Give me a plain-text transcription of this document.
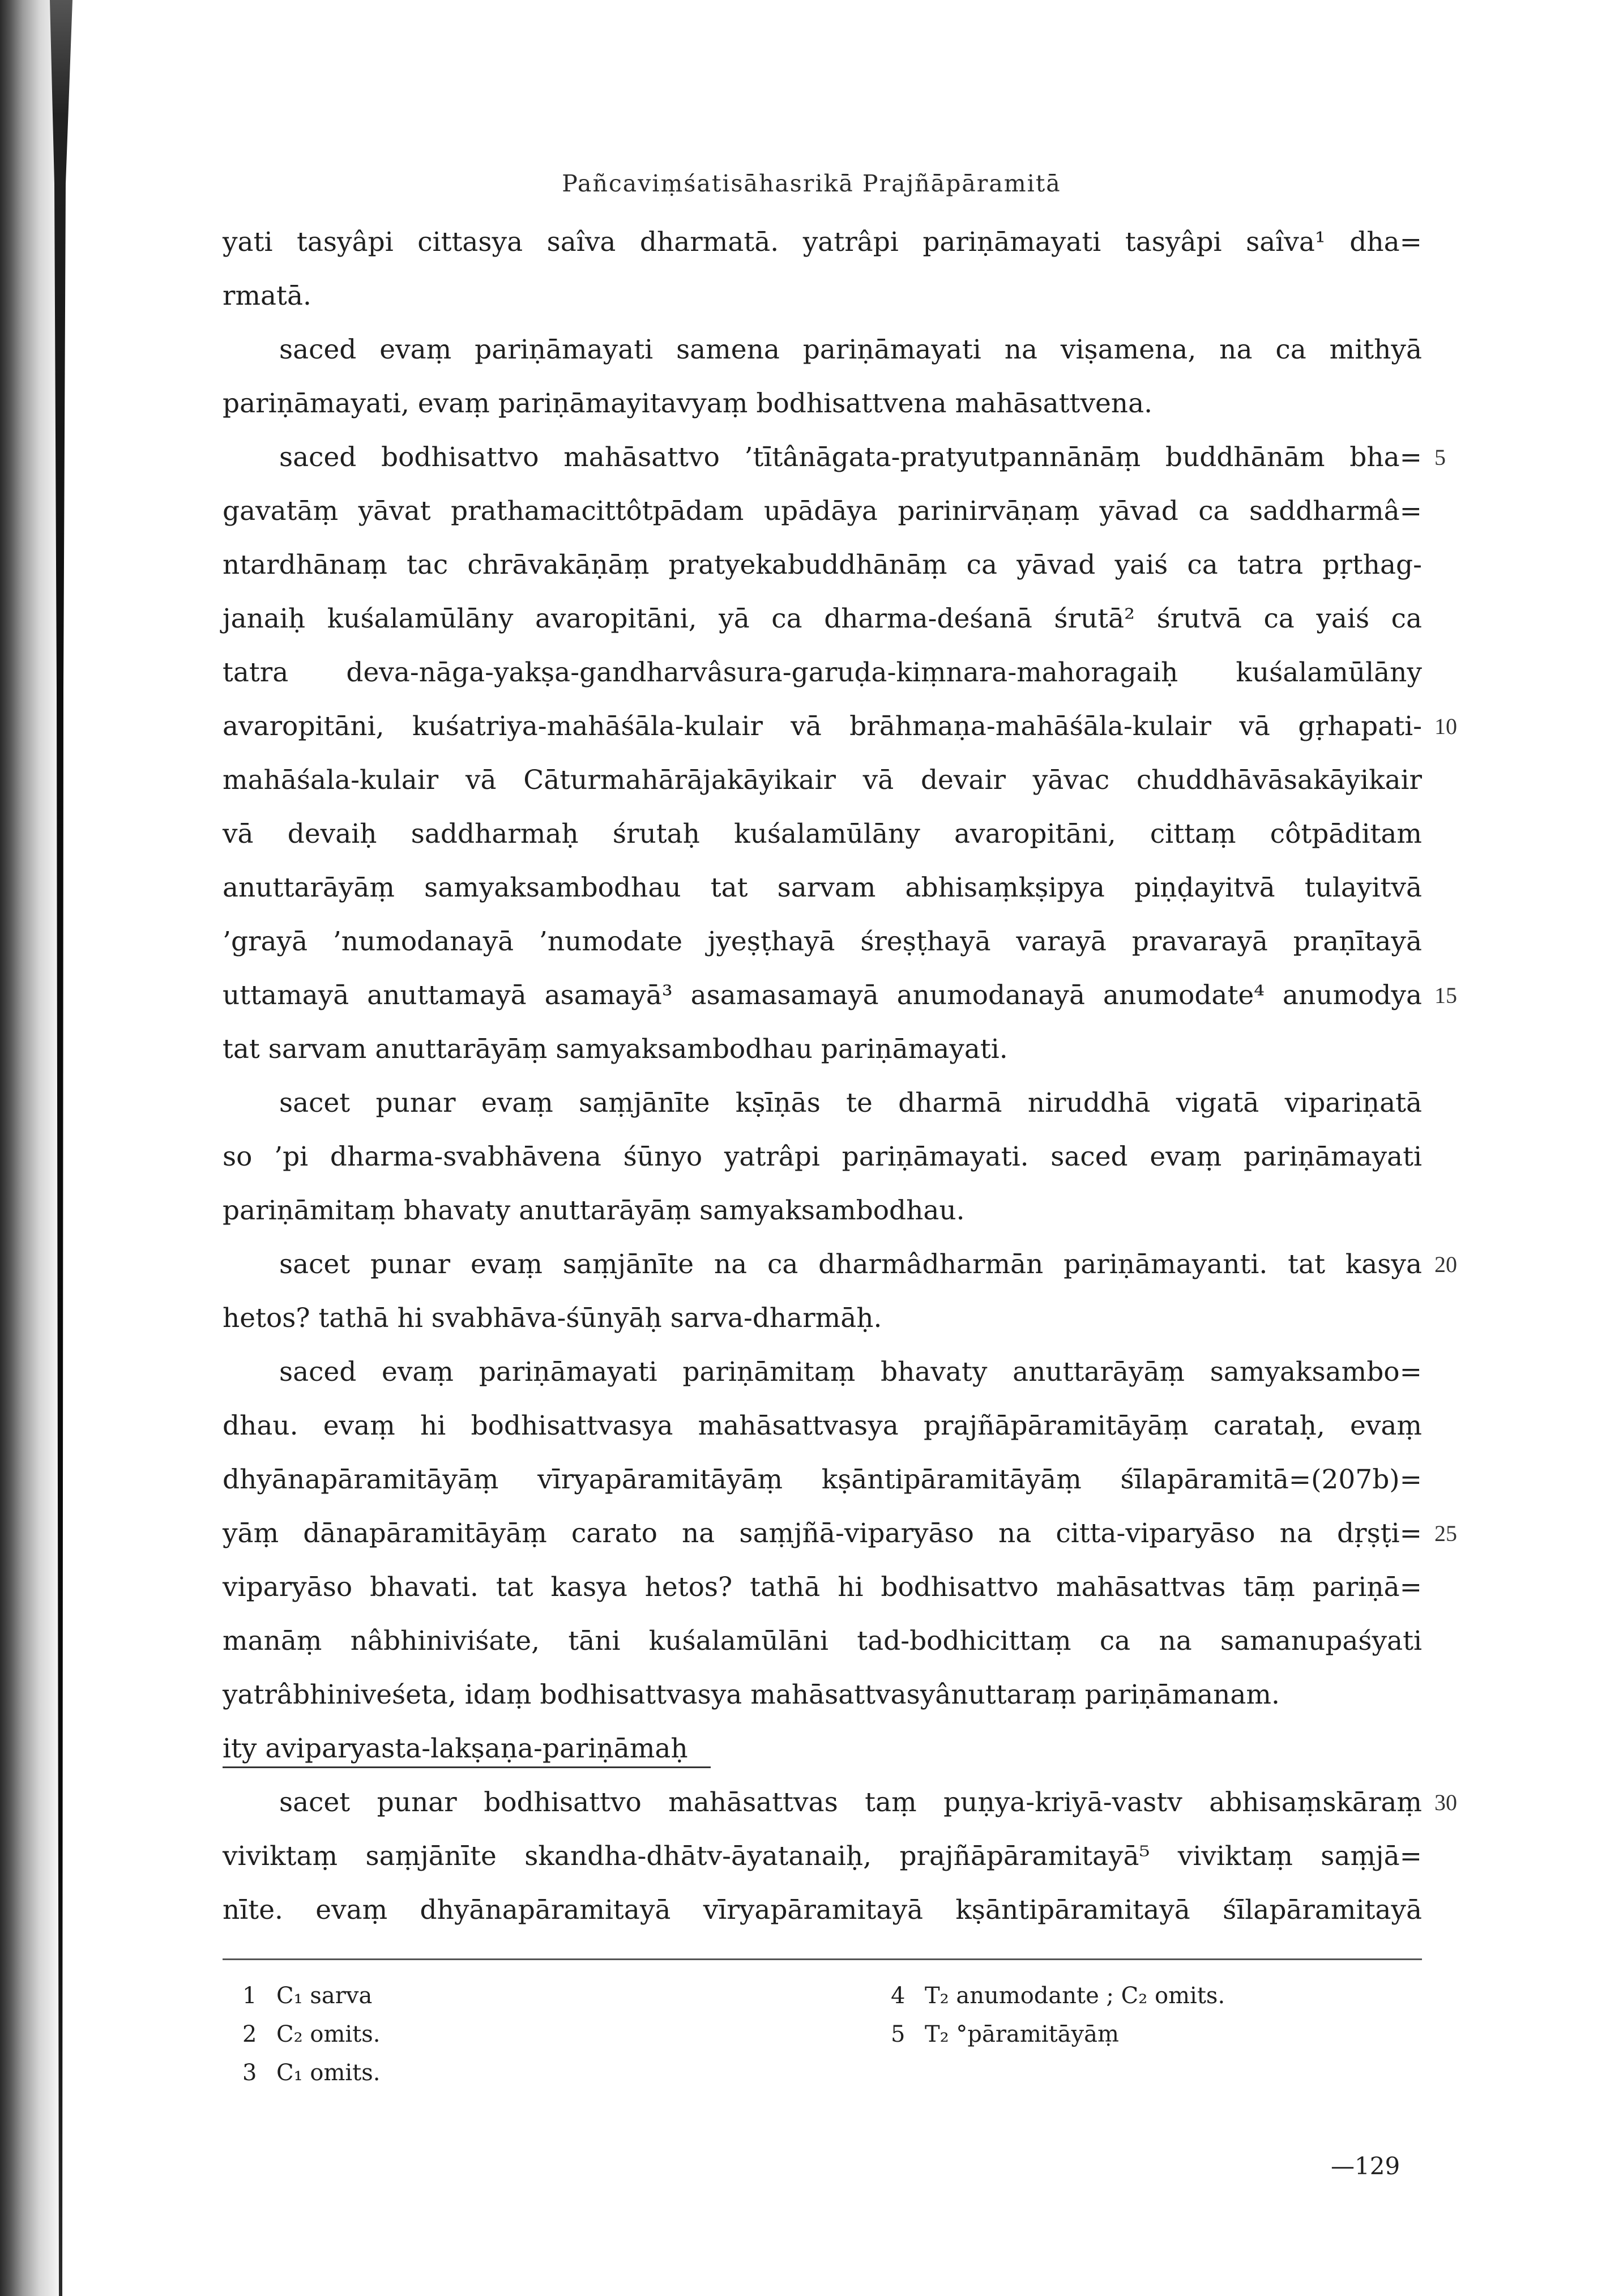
Pañcaviṃśatisāhasrikā Prajñāpāramitā
yati tasyâpi cittasya saîva dharmatā. yatrâpi pariṇāmayati tasyâpi saîva¹ dha=
rmatā.
saced evaṃ pariṇāmayati samena pariṇāmayati na viṣamena, na ca mithyā
pariṇāmayati, evaṃ pariṇāmayitavyaṃ bodhisattvena mahāsattvena.
saced bodhisattvo mahāsattvo ’tītânāgata-pratyutpannānāṃ buddhānām bha= 5
gavatāṃ yāvat prathamacittôtpādam upādāya parinirvāṇaṃ yāvad ca saddharmâ=
ntardhānaṃ tac chrāvakāṇāṃ pratyekabuddhānāṃ ca yāvad yaiś ca tatra pṛthag-
janaiḥ kuśalamūlāny avaropitāni, yā ca dharma-deśanā śrutā² śrutvā ca yaiś ca
tatra deva-nāga-yakṣa-gandharvâsura-garuḍa-kiṃnara-mahoragaiḥ kuśalamūlāny
avaropitāni, kuśatriya-mahāśāla-kulair vā brāhmaṇa-mahāśāla-kulair vā gṛhapati- 10
mahāśala-kulair vā Cāturmahārājakāyikair vā devair yāvac chuddhāvāsakāyikair
vā devaiḥ saddharmaḥ śrutaḥ kuśalamūlāny avaropitāni, cittaṃ côtpāditam
anuttarāyāṃ samyaksambodhau tat sarvam abhisaṃkṣipya piṇḍayitvā tulayitvā
’grayā ’numodanayā ’numodate jyeṣṭhayā śreṣṭhayā varayā pravarayā praṇītayā
uttamayā anuttamayā asamayā³ asamasamayā anumodanayā anumodate⁴ anumodya 15
tat sarvam anuttarāyāṃ samyaksambodhau pariṇāmayati.
sacet punar evaṃ saṃjānīte kṣīṇās te dharmā niruddhā vigatā vipariṇatā
so ’pi dharma-svabhāvena śūnyo yatrâpi pariṇāmayati. saced evaṃ pariṇāmayati
pariṇāmitaṃ bhavaty anuttarāyāṃ samyaksambodhau.
sacet punar evaṃ saṃjānīte na ca dharmâdharmān pariṇāmayanti. tat kasya 20
hetos? tathā hi svabhāva-śūnyāḥ sarva-dharmāḥ.
saced evaṃ pariṇāmayati pariṇāmitaṃ bhavaty anuttarāyāṃ samyaksambo=
dhau. evaṃ hi bodhisattvasya mahāsattvasya prajñāpāramitāyāṃ carataḥ, evaṃ
dhyānapāramitāyāṃ vīryapāramitāyāṃ kṣāntipāramitāyāṃ śīlapāramitā=(207b)=
yāṃ dānapāramitāyāṃ carato na saṃjñā-viparyāso na citta-viparyāso na dṛṣṭi= 25
viparyāso bhavati. tat kasya hetos? tathā hi bodhisattvo mahāsattvas tāṃ pariṇā=
manāṃ nâbhiniviśate, tāni kuśalamūlāni tad-bodhicittaṃ ca na samanupaśyati
yatrâbhiniveśeta, idaṃ bodhisattvasya mahāsattvasyânuttaraṃ pariṇāmanam.
ity aviparyasta-lakṣaṇa-pariṇāmaḥ
sacet punar bodhisattvo mahāsattvas taṃ puṇya-kriyā-vastv abhisaṃskāraṃ 30
viviktaṃ saṃjānīte skandha-dhātv-āyatanaiḥ, prajñāpāramitayā⁵ viviktaṃ saṃjā=
nīte. evaṃ dhyānapāramitayā vīryapāramitayā kṣāntipāramitayā śīlapāramitayā
1 C₁ sarva
2 C₂ omits.
3 C₁ omits.
4 T₂ anumodante ; C₂ omits.
5 T₂ °pāramitāyāṃ
—129
